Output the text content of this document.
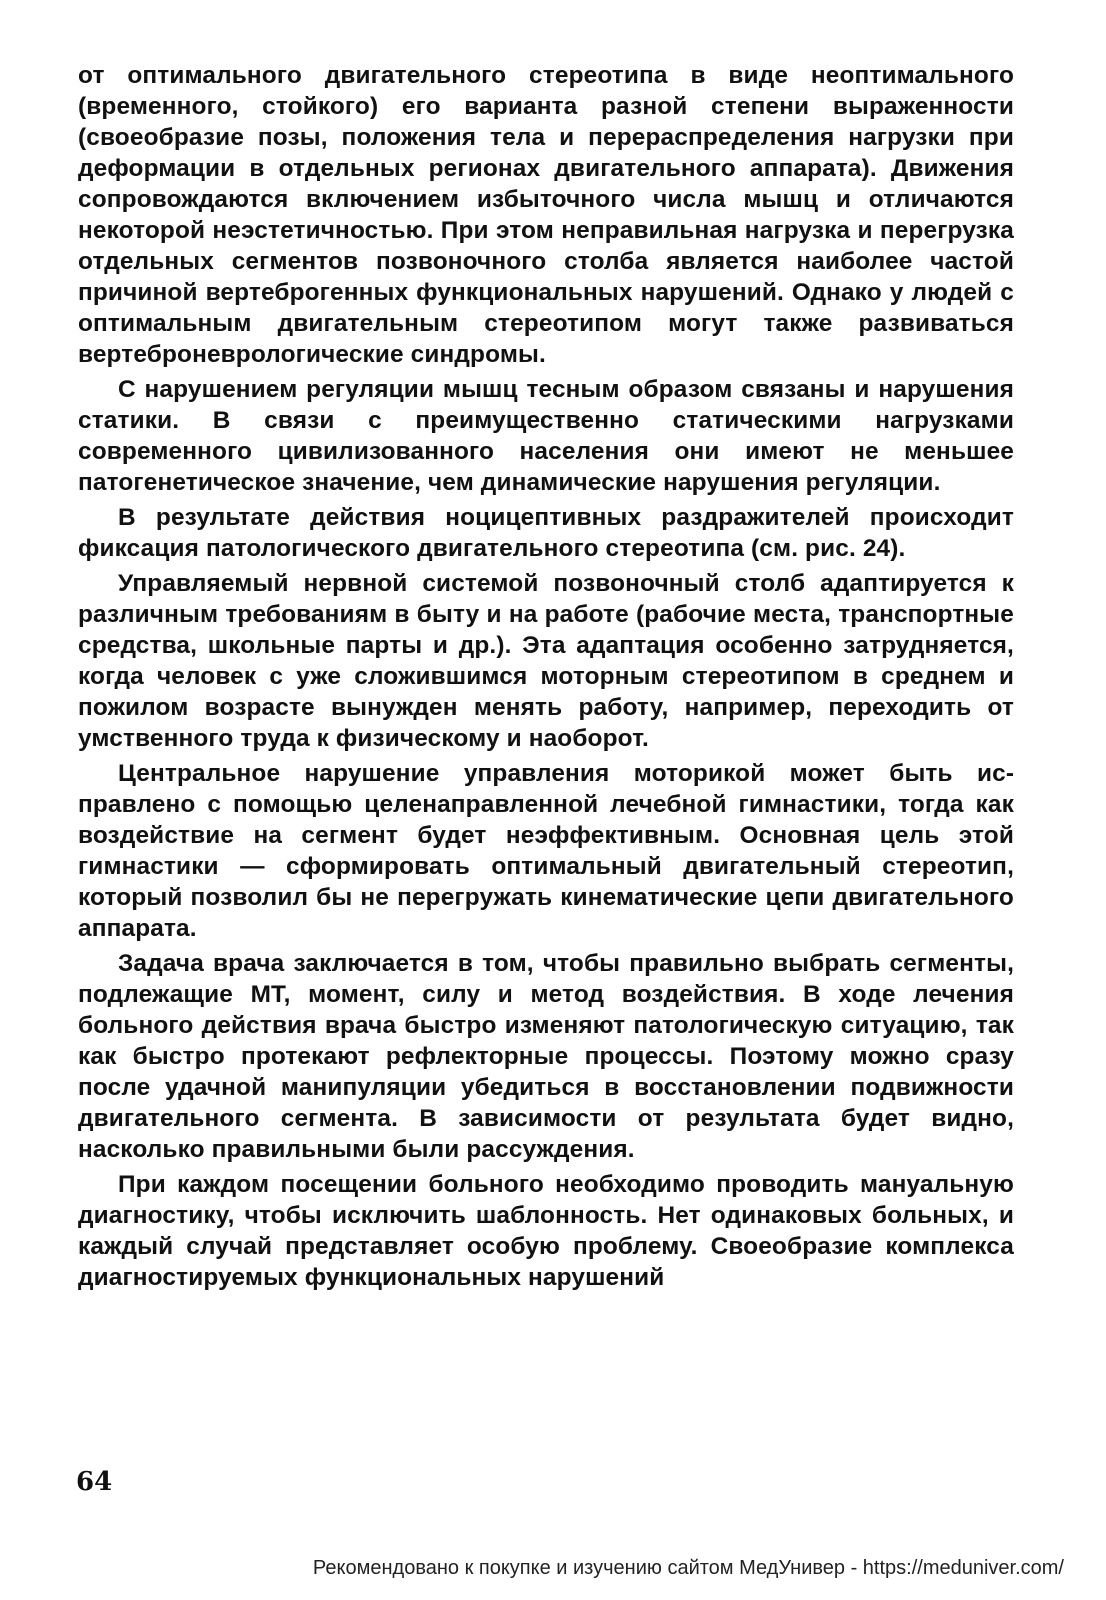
от оптимального двигательного стереотипа в виде неоптимального (временного, стойкого) его варианта разной степени выраженности (своеобразие позы, положения тела и перераспределения нагрузки при деформации в отдельных регионах двигательного аппарата). Движения сопровождаются включением избыточного числа мышц и отличаются некоторой неэстетичностью. При этом неправильная нагрузка и перегрузка отдельных сегментов позвоночного столба является наиболее частой причиной вертеброгенных функциональных нарушений. Однако у людей с оптимальным двигательным стереотипом могут также развиваться вертеброневрологические синдромы.

С нарушением регуляции мышц тесным образом связаны и нарушения статики. В связи с преимущественно статическими нагрузками современного цивилизованного населения они имеют не меньшее патогенетическое значение, чем динамические нарушения регуляции.

В результате действия ноцицептивных раздражителей происходит фиксация патологического двигательного стереотипа (см. рис. 24).

Управляемый нервной системой позвоночный столб адаптируется к различным требованиям в быту и на работе (рабочие места, транспортные средства, школьные парты и др.). Эта адаптация особенно затрудняется, когда человек с уже сложившимся моторным стереотипом в среднем и пожилом возрасте вынужден менять работу, например, переходить от умственного труда к физическому и наоборот.

Центральное нарушение управления моторикой может быть исправлено с помощью целенаправленной лечебной гимнастики, тогда как воздействие на сегмент будет неэффективным. Основная цель этой гимнастики — сформировать оптимальный двигательный стереотип, который позволил бы не перегружать кинематические цепи двигательного аппарата.

Задача врача заключается в том, чтобы правильно выбрать сегменты, подлежащие МТ, момент, силу и метод воздействия. В ходе лечения больного действия врача быстро изменяют патологическую ситуацию, так как быстро протекают рефлекторные процессы. Поэтому можно сразу после удачной манипуляции убедиться в восстановлении подвижности двигательного сегмента. В зависимости от результата будет видно, насколько правильными были рассуждения.

При каждом посещении больного необходимо проводить мануальную диагностику, чтобы исключить шаблонность. Нет одинаковых больных, и каждый случай представляет особую проблему. Своеобразие комплекса диагностируемых функциональных нарушений

64
Рекомендовано к покупке и изучению сайтом МедУнивер - https://meduniver.com/
